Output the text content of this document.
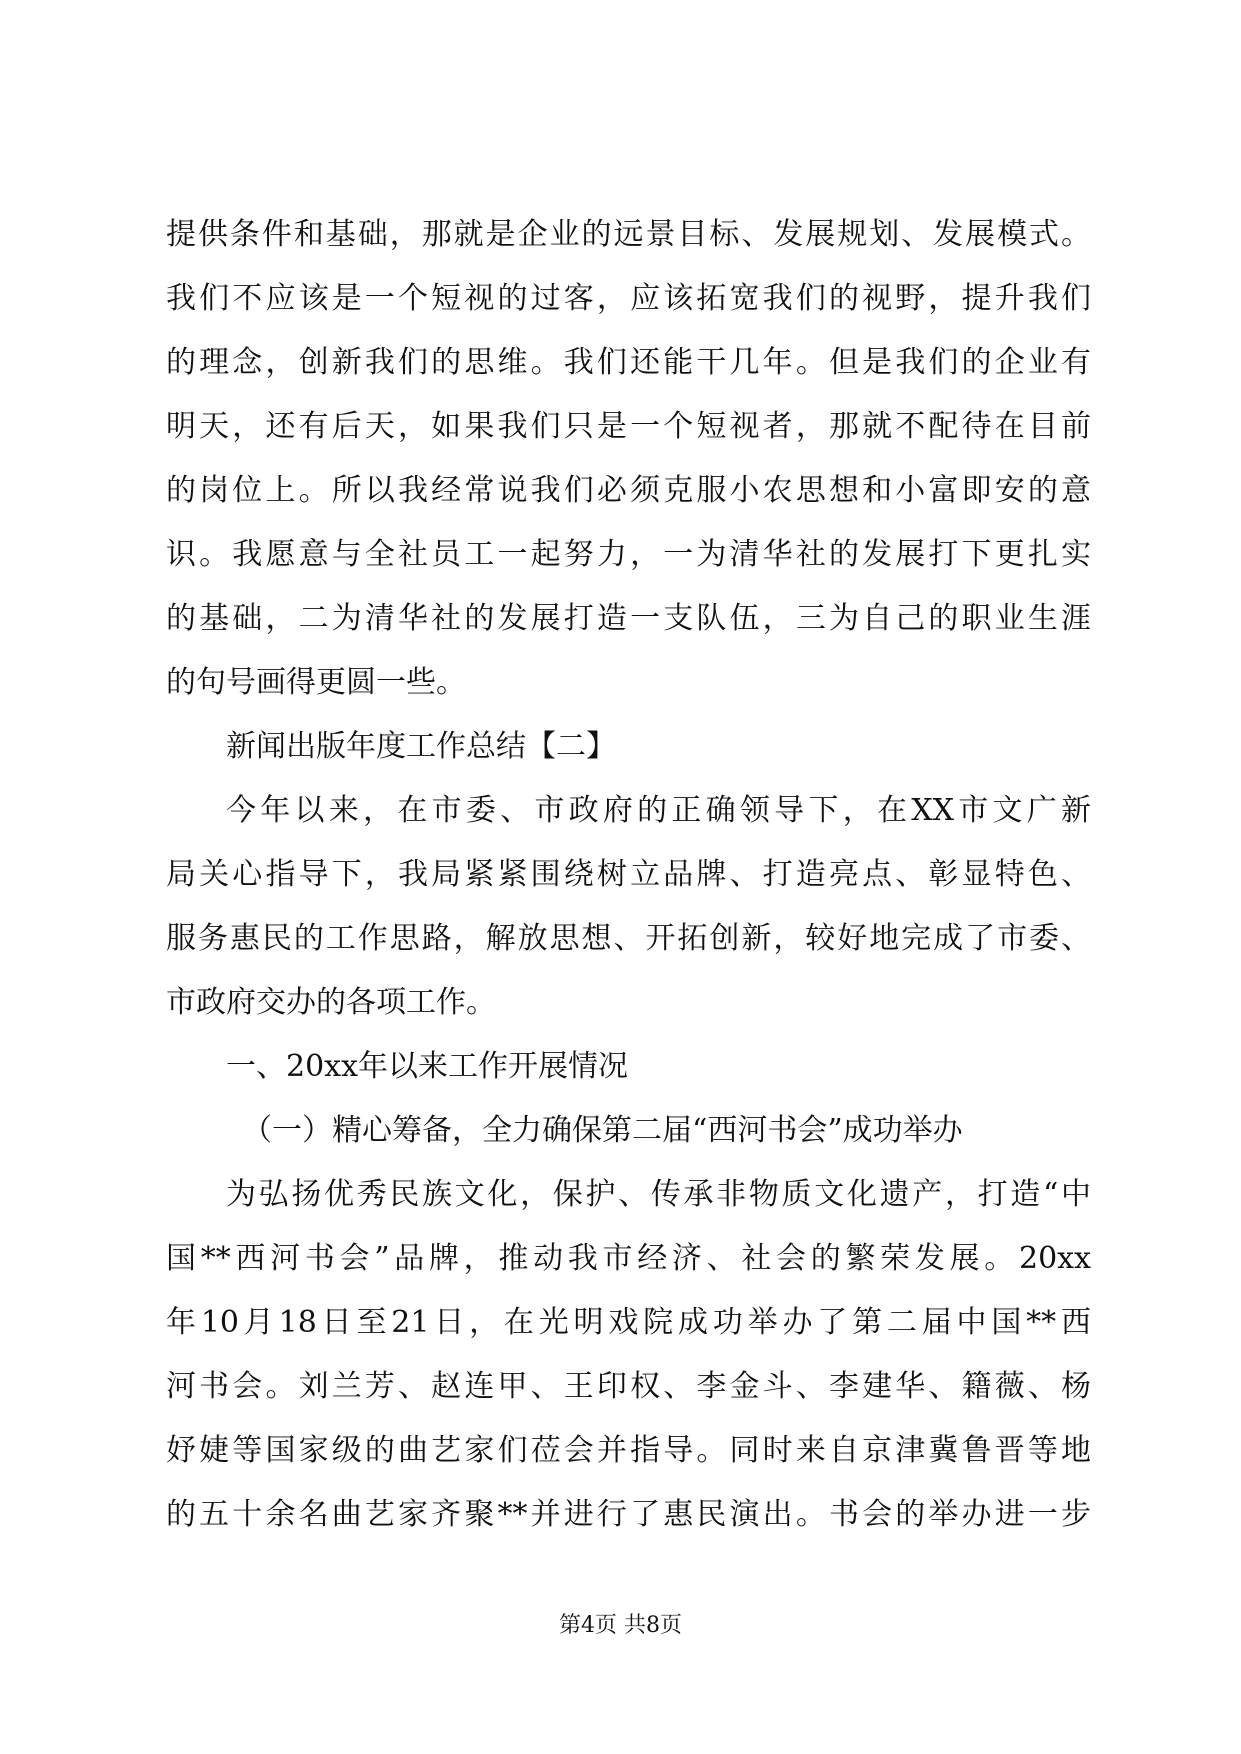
提供条件和基础，那就是企业的远景目标、发展规划、发展模式。
我们不应该是一个短视的过客，应该拓宽我们的视野，提升我们
的理念，创新我们的思维。我们还能干几年。但是我们的企业有
明天，还有后天，如果我们只是一个短视者，那就不配待在目前
的岗位上。所以我经常说我们必须克服小农思想和小富即安的意
识。我愿意与全社员工一起努力，一为清华社的发展打下更扎实
的基础，二为清华社的发展打造一支队伍，三为自己的职业生涯
的句号画得更圆一些。
新闻出版年度工作总结【二】
今年以来，在市委、市政府的正确领导下，在XX市文广新
局关心指导下，我局紧紧围绕树立品牌、打造亮点、彰显特色、
服务惠民的工作思路，解放思想、开拓创新，较好地完成了市委、
市政府交办的各项工作。
一、20xx年以来工作开展情况
（一）精心筹备，全力确保第二届“西河书会”成功举办
为弘扬优秀民族文化，保护、传承非物质文化遗产，打造“中
国**西河书会”品牌，推动我市经济、社会的繁荣发展。20xx
年10月18日至21日，在光明戏院成功举办了第二届中国**西
河书会。刘兰芳、赵连甲、王印权、李金斗、李建华、籍薇、杨
妤婕等国家级的曲艺家们莅会并指导。同时来自京津冀鲁晋等地
的五十余名曲艺家齐聚**并进行了惠民演出。书会的举办进一步
第4页 共8页
